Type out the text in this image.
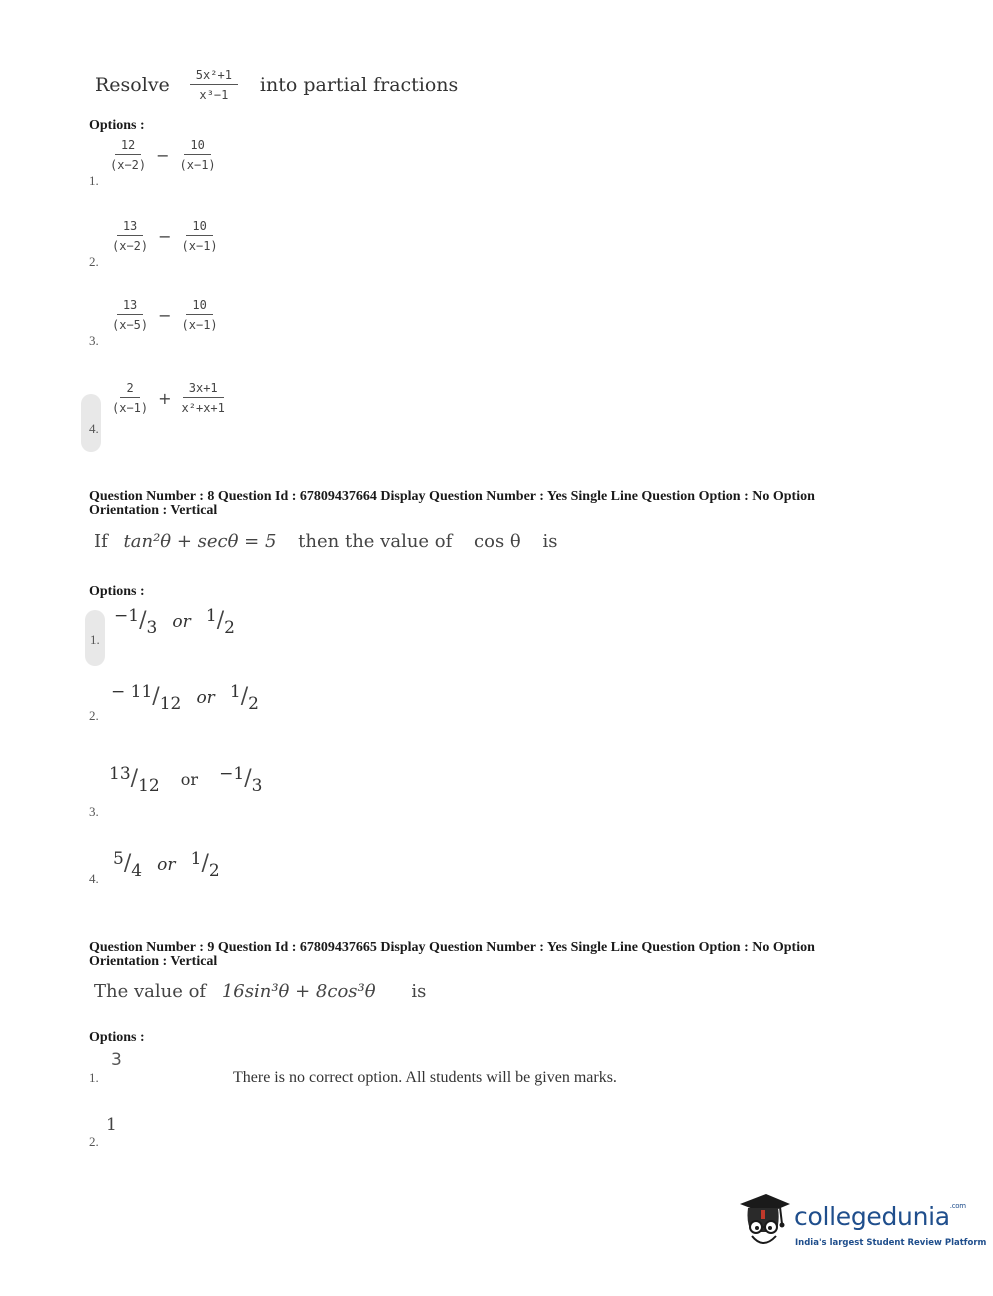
Resolve $\frac{\text{5x²+1}}{\text{x³−1}}$ into partial fractions
Options :
1.
$\frac{12}{(x-2)} - \frac{10}{(x-1)}$
2.
$\frac{13}{(x-2)} - \frac{10}{(x-1)}$
3.
$\frac{13}{(x-5)} - \frac{10}{(x-1)}$
4.
$\frac{2}{(x-1)} + \frac{3x+1}{\text{x²+x+1}}$
Question Number : 8 Question Id : 67809437664 Display Question Number : Yes Single Line Question Option : No Option
Orientation : Vertical
If tan²θ + secθ = 5 then the value of cos θ is
Options :
1.
−1/3 or 1/2
2.
− 11/12 or 1/2
3.
13/12 or −1/3
4.
5/4 or 1/2
Question Number : 9 Question Id : 67809437665 Display Question Number : Yes Single Line Question Option : No Option
Orientation : Vertical
The value of 16sin³θ + 8cos³θ is
Options :
1.
3
There is no correct option. All students will be given marks.
2.
1
collegedunia$^{.com}$
India's largest Student Review Platform
